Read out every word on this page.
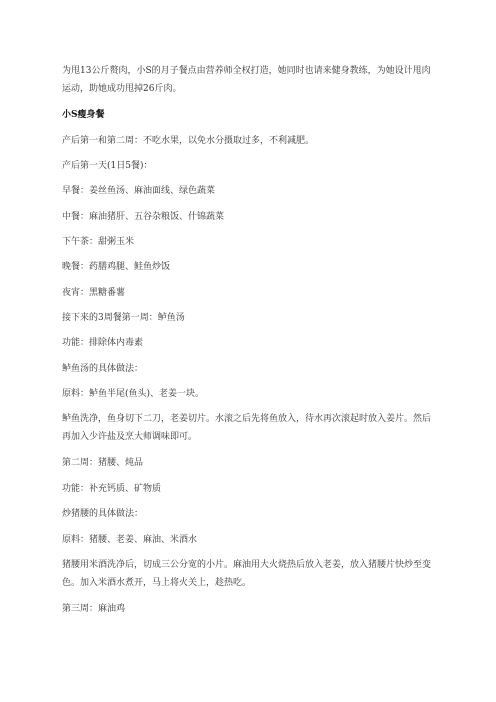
为甩13公斤赘肉，小S的月子餐点由营养师全权打造，她同时也请来健身教练，为她设计甩肉运动，助她成功甩掉26斤肉。

小S瘦身餐

产后第一和第二周：不吃水果，以免水分摄取过多，不利减肥。

产后第一天(1日5餐)：

早餐：姜丝鱼汤、麻油面线、绿色蔬菜

中餐：麻油猪肝、五谷杂粮饭、什锦蔬菜

下午茶：甜粥玉米

晚餐：药膳鸡腿、鲑鱼炒饭

夜宵：黑糖番薯

接下来的3周餐第一周：鲈鱼汤

功能：排除体内毒素

鲈鱼汤的具体做法：

原料：鲈鱼半尾(鱼头)、老姜一块。

鲈鱼洗净，鱼身切下二刀，老姜切片。水滚之后先将鱼放入，待水再次滚起时放入姜片。然后再加入少许盐及烹大师调味即可。

第二周：猪腰、炖品

功能：补充钙质、矿物质

炒猪腰的具体做法：

原料：猪腰、老姜、麻油、米酒水

猪腰用米酒洗净后，切成三公分宽的小片。麻油用大火烧热后放入老姜，放入猪腰片快炒至变色。加入米酒水煮开，马上将火关上，趁热吃。

第三周：麻油鸡
